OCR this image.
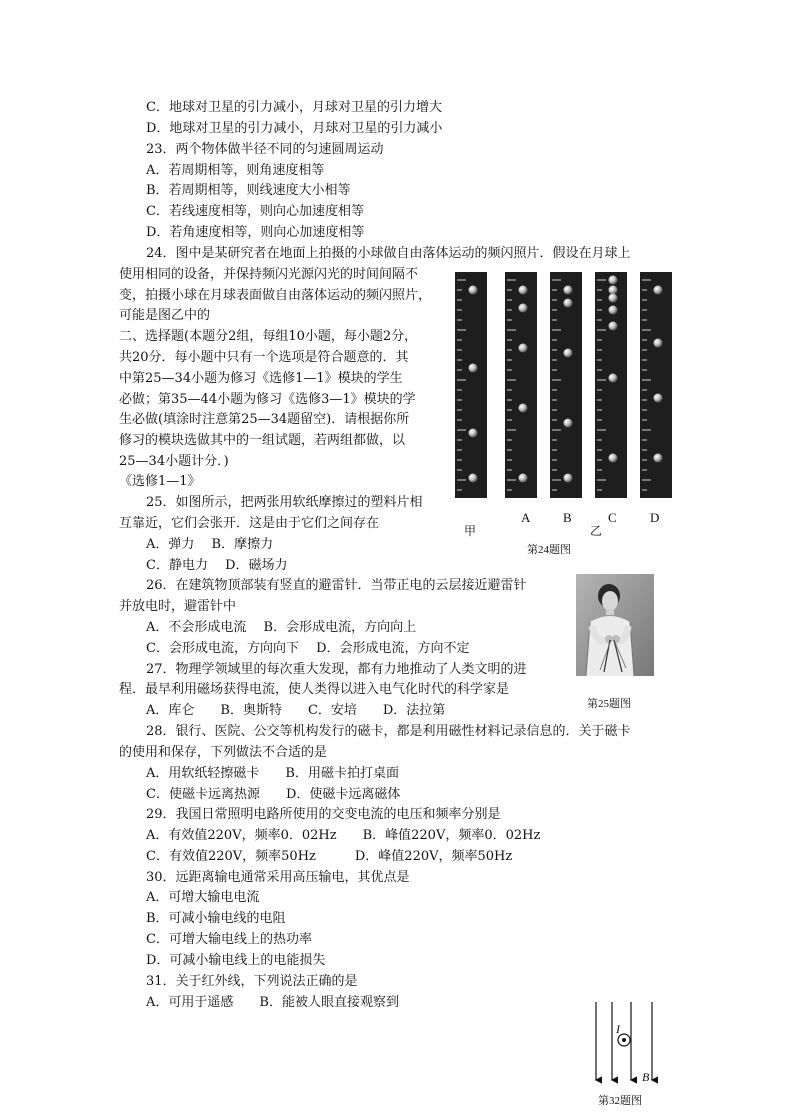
C．地球对卫星的引力减小，月球对卫星的引力增大
D．地球对卫星的引力减小，月球对卫星的引力减小
23．两个物体做半径不同的匀速圆周运动
A．若周期相等，则角速度相等
B．若周期相等，则线速度大小相等
C．若线速度相等，则向心加速度相等
D．若角速度相等，则向心加速度相等
24．图中是某研究者在地面上拍摄的小球做自由落体运动的频闪照片．假设在月球上
使用相同的设备，并保持频闪光源闪光的时间间隔不
变，拍摄小球在月球表面做自由落体运动的频闪照片，
可能是图乙中的
二、选择题(本题分2组，每组10小题，每小题2分，
共20分．每小题中只有一个选项是符合题意的．其
中第25—34小题为修习《选修1—1》模块的学生
必做；第35—44小题为修习《选修3—1》模块的学
生必做(填涂时注意第25—34题留空)．请根据你所
修习的模块选做其中的一组试题，若两组都做，以
25—34小题计分．)
《选修1—1》
25．如图所示，把两张用软纸摩擦过的塑料片相
互靠近，它们会张开．这是由于它们之间存在
A．弹力　 B．摩擦力
C．静电力　 D．磁场力
26．在建筑物顶部装有竖直的避雷针．当带正电的云层接近避雷针
并放电时，避雷针中
A．不会形成电流　 B．会形成电流，方向向上
C．会形成电流，方向向下　 D．会形成电流，方向不定
27．物理学领域里的每次重大发现，都有力地推动了人类文明的进
程．最早利用磁场获得电流，使人类得以进入电气化时代的科学家是
A．库仑　　B．奥斯特　　C．安培　　D．法拉第
28．银行、医院、公交等机构发行的磁卡，都是利用磁性材料记录信息的．关于磁卡
的使用和保存，下列做法不合适的是
A．用软纸轻擦磁卡　　B．用磁卡拍打桌面
C．使磁卡远离热源　　D．使磁卡远离磁体
29．我国日常照明电路所使用的交变电流的电压和频率分别是
A．有效值220V，频率0．02Hz　　B．峰值220V，频率0．02Hz
C．有效值220V，频率50Hz　　　D．峰值220V，频率50Hz
30．远距离输电通常采用高压输电，其优点是
A．可增大输电电流
B．可减小输电线的电阻
C．可增大输电线上的热功率
D．可减小输电线上的电能损失
31．关于红外线，下列说法正确的是
A．可用于遥感　　B．能被人眼直接观察到
甲
A	B
乙
C	D
第24题图
第25题图
I
B
第32题图
